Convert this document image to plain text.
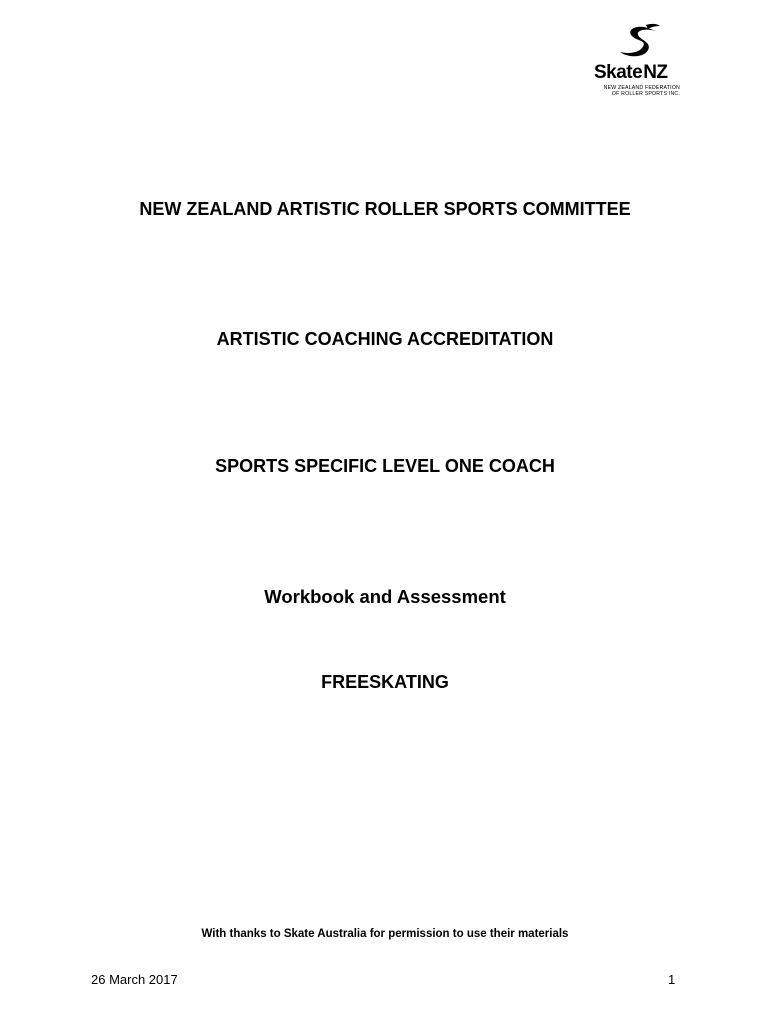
SkateNZ
NEW ZEALAND FEDERATION
OF ROLLER SPORTS INC.
NEW ZEALAND ARTISTIC ROLLER SPORTS COMMITTEE
ARTISTIC COACHING ACCREDITATION
SPORTS SPECIFIC LEVEL ONE COACH
Workbook and Assessment
FREESKATING
With thanks to Skate Australia for permission to use their materials
26 March 2017	1
